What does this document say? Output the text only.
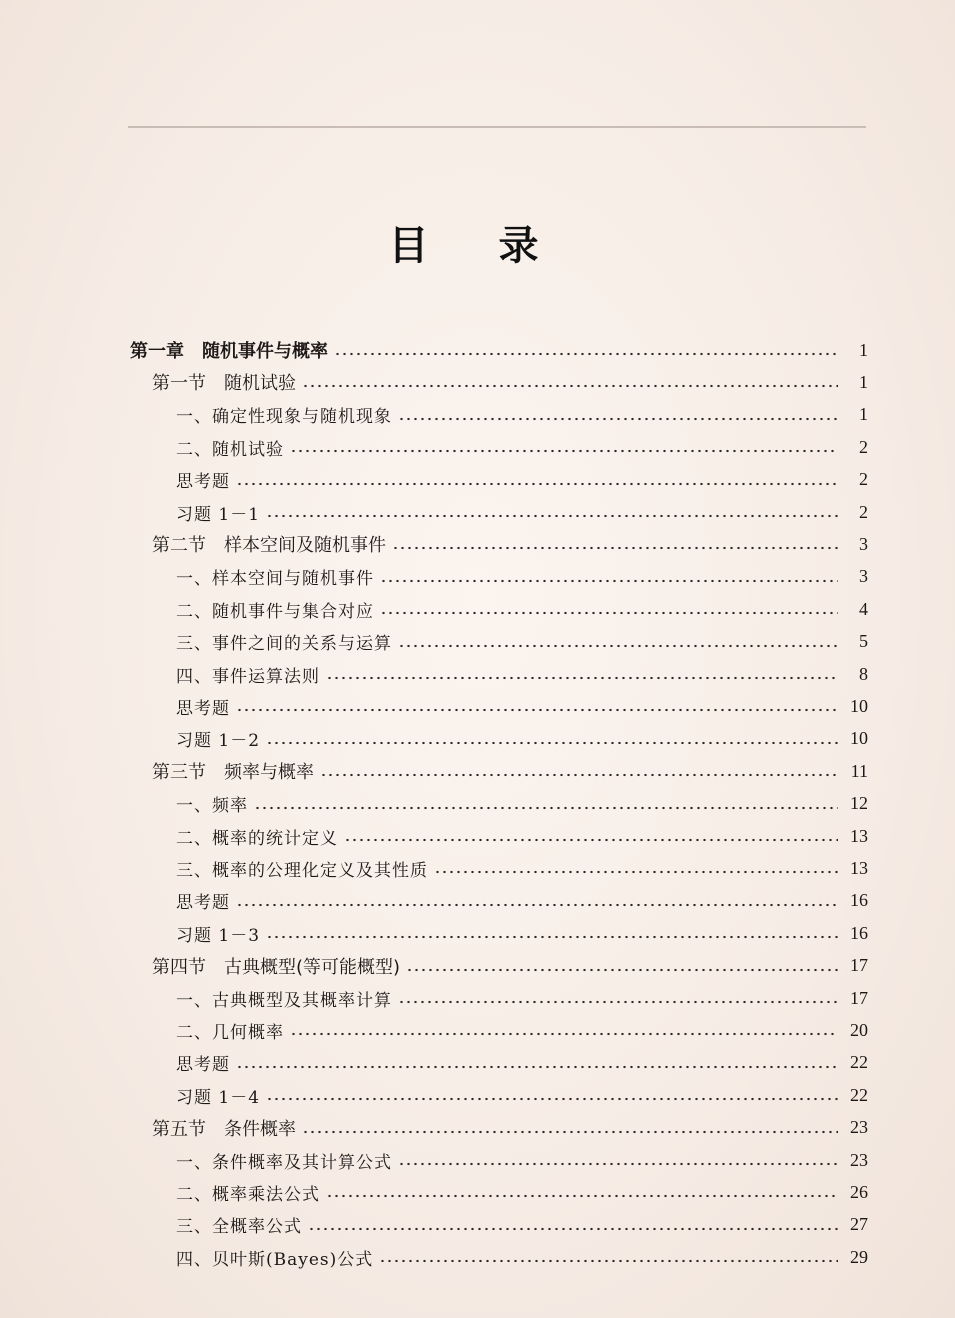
目 录
第一章　随机事件与概率	1
第一节　随机试验	1
一、确定性现象与随机现象	1
二、随机试验	2
思考题	2
习题 1－1	2
第二节　样本空间及随机事件	3
一、样本空间与随机事件	3
二、随机事件与集合对应	4
三、事件之间的关系与运算	5
四、事件运算法则	8
思考题	10
习题 1－2	10
第三节　频率与概率	11
一、频率	12
二、概率的统计定义	13
三、概率的公理化定义及其性质	13
思考题	16
习题 1－3	16
第四节　古典概型(等可能概型)	17
一、古典概型及其概率计算	17
二、几何概率	20
思考题	22
习题 1－4	22
第五节　条件概率	23
一、条件概率及其计算公式	23
二、概率乘法公式	26
三、全概率公式	27
四、贝叶斯(Bayes)公式	29
